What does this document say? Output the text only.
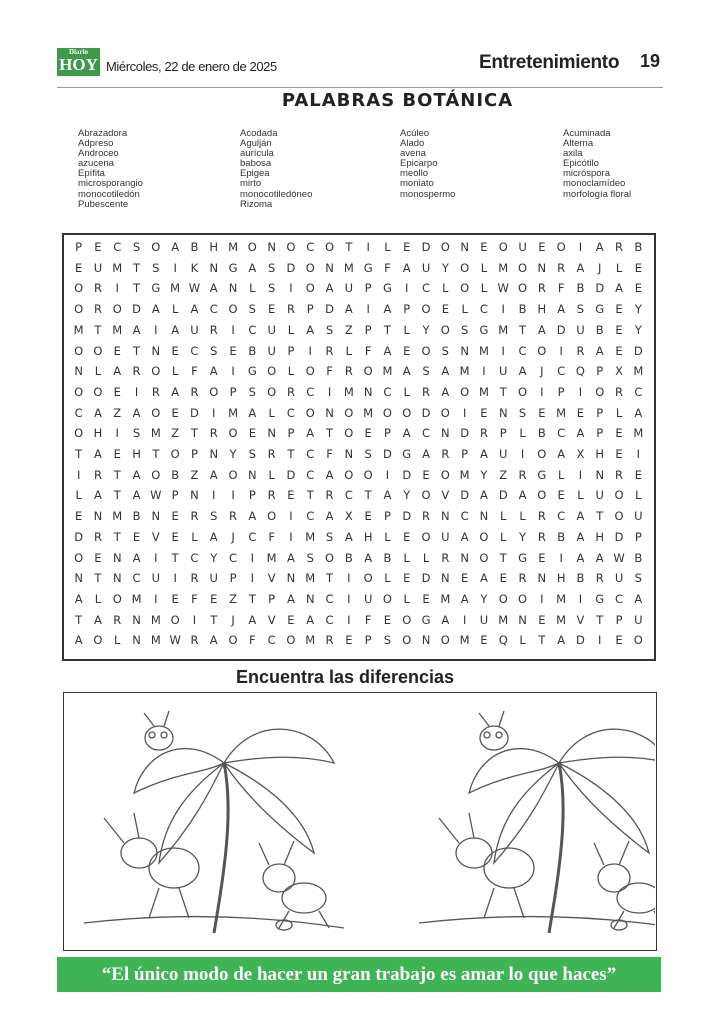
Diario
HOY Miércoles, 22 de enero de 2025	Entretenimiento 19
PALABRAS BOTÁNICA
Abrazadora
Adpreso
Androceo
azucena
Epífita
microsporangio
monocotiledón
Pubescente
Acodada
Agulján
aurícula
babosa
Epigea
mirto
monocotiledóneo
Rizoma
Acúleo
Alado
avena
Epicarpo
meollo
moniato
monospermo
Acuminada
Alterna
axila
Epicótilo
micróspora
monoclamídeo
morfología floral
P	E	C	S O A B H M O N O C O T	I	L	E D O N E O U E O	I	A R B
E U M T	S	I	K N G A	S D O N M G	F	A U	Y O	L M O N R A	J	L	E
O R	I	T G M W A N	L	S	I	O A U	P G	I	C	L	O	L W O R	F	B D A	E
O R O D A	L	A C O S	E	R	P D A	I	A	P O E	L	C	I	B H A	S G E	Y
M T M A	I	A U R	I	C U	L	A	S	Z	P	T	L	Y O S G M T	A D U B	E	Y
O O E	T N E	C	S	E	B U	P	I	R	L	F	A	E O S N M	I	C O	I	R A	E D
N	L	A R O	L	F	A	I	G O	L	O F	R O M A	S	A M	I	U A	J	C Q P	X M
O O E	I	R A R O P	S O R C	I	M N C	L	R A O M T O	I	P	I	O R C
C A Z A O E D	I	M A	L	C O N O M O O D O	I	E N S	E M E	P	L	A
O H	I	S M Z	T	R O E N	P	A	T O E	P	A C N D R	P	L	B C A	P	E M
T	A	E H T O P	N Y	S	R	T	C	F	N S D G A R	P	A U	I	O A X H E	I
I	R	T	A O B Z A O N	L	D C A O O	I	D E O M Y	Z R G	L	I	N R	E
L	A	T	A W P	N	I	I	P	R	E	T	R C	T	A	Y O V D A D A O E	L	U O	L
E N M B N E	R	S	R A O	I	C A X	E	P D R N C N	L	L	R C A	T O U
D R	T	E	V	E	L	A	J	C	F	I	M S	A H	L	E O U A O	L	Y	R B A H D P
O E N A	I	T	C	Y	C	I	M A	S O B A B	L	L	R N O T G E	I	A A W B
N T N C U	I	R U	P	I	V N M T	I	O	L	E D N E	A	E	R N H B R U S
A	L	O M	I	E	F	E	Z	T	P	A N C	I	U O	L	E M A	Y O O	I	M	I	G C A
T	A R N M O	I	T	J	A V	E	A C	I	F	E O G A	I	U M N E M V	T	P	U
A O	L	N M W R A O F	C O M R	E	P	S O N O M E Q	L	T	A D	I	E O
Encuentra las diferencias
“El único modo de hacer un gran trabajo es amar lo que haces”
